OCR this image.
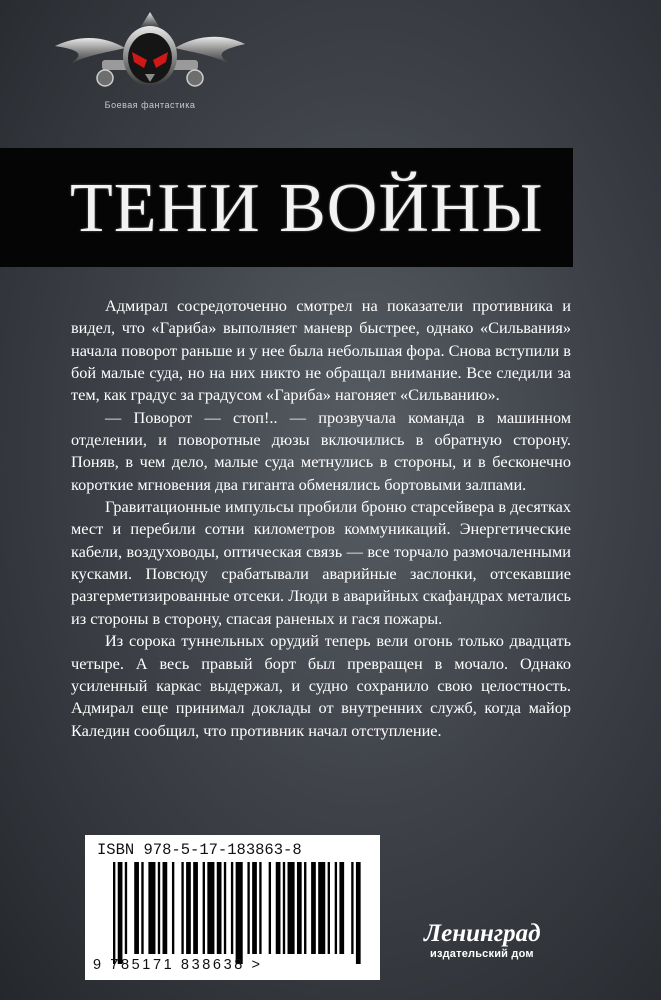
Боевая фантастика
ТЕНИ ВОЙНЫ

Адмирал сосредоточенно смотрел на показатели противника и видел, что «Гариба» выполняет маневр быстрее, однако «Сильвания» начала поворот раньше и у нее была небольшая фора. Снова вступили в бой малые суда, но на них никто не обращал внимание. Все следили за тем, как градус за градусом «Гариба» нагоняет «Сильванию».

— Поворот — стоп!.. — прозвучала команда в машинном отделении, и поворотные дюзы включились в обратную сторону. Поняв, в чем дело, малые суда метнулись в стороны, и в бесконечно короткие мгновения два гиганта обменялись бортовыми залпами.

Гравитационные импульсы пробили броню старсейвера в десятках мест и перебили сотни километров коммуникаций. Энергетические кабели, воздуховоды, оптическая связь — все торчало размочаленными кусками. Повсюду срабатывали аварийные заслонки, отсекавшие разгерметизированные отсеки. Люди в аварийных скафандрах метались из стороны в сторону, спасая раненых и гася пожары.

Из сорока туннельных орудий теперь вели огонь только двадцать четыре. А весь правый борт был превращен в мочало. Однако усиленный каркас выдержал, и судно сохранило свою целостность. Адмирал еще принимал доклады от внутренних служб, когда майор Каледин сообщил, что противник начал отступление.

ISBN 978-5-17-183863-8
9 785171 838638 >
Ленинград
издательский дом
